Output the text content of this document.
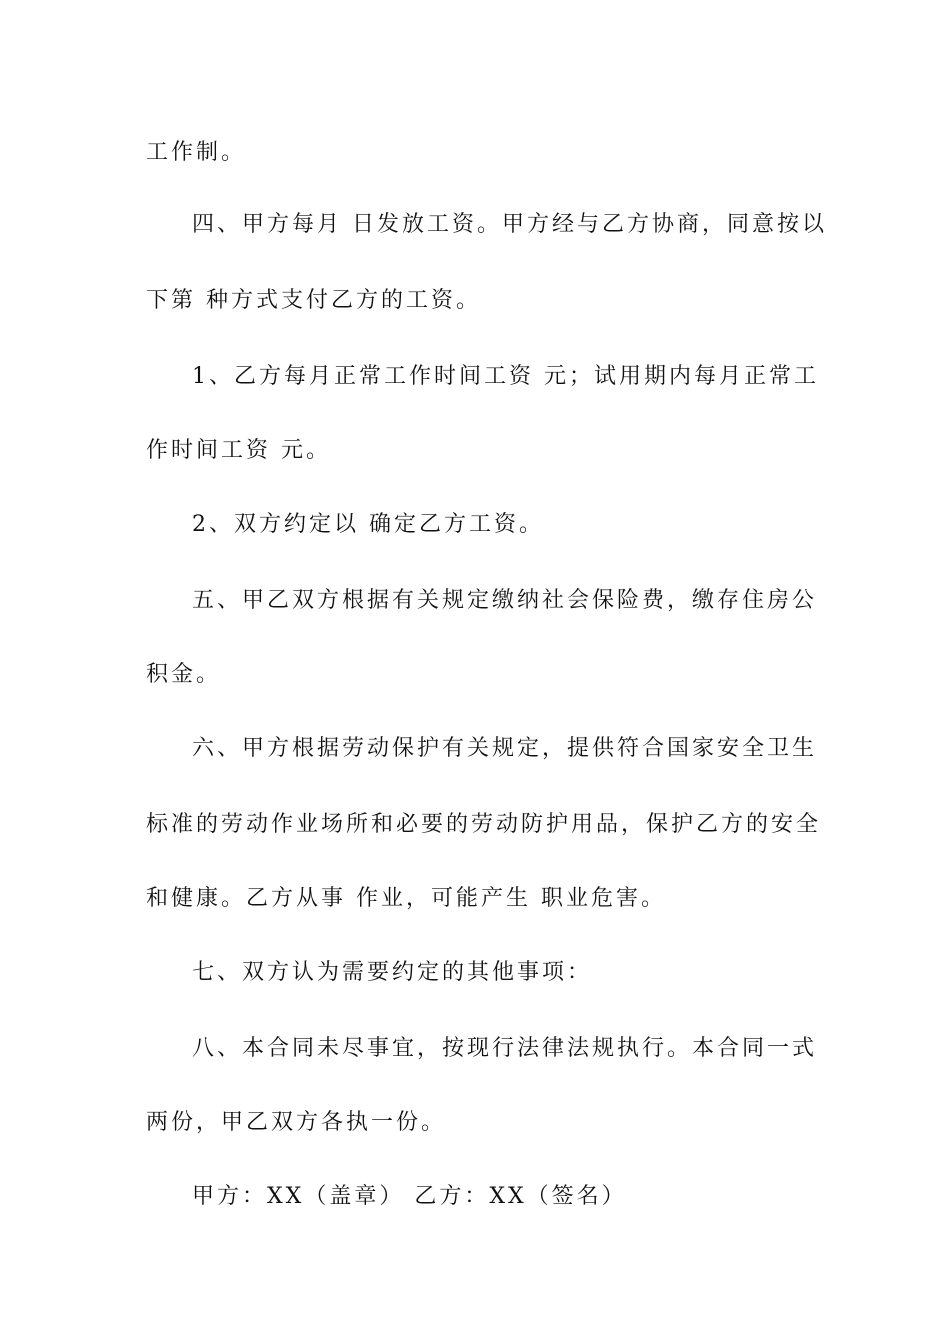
工作制。
四、甲方每月 日发放工资。甲方经与乙方协商，同意按以
下第 种方式支付乙方的工资。
1、乙方每月正常工作时间工资 元；试用期内每月正常工
作时间工资 元。
2、双方约定以 确定乙方工资。
五、甲乙双方根据有关规定缴纳社会保险费，缴存住房公
积金。
六、甲方根据劳动保护有关规定，提供符合国家安全卫生
标准的劳动作业场所和必要的劳动防护用品，保护乙方的安全
和健康。乙方从事 作业，可能产生 职业危害。
七、双方认为需要约定的其他事项：
八、本合同未尽事宜，按现行法律法规执行。本合同一式
两份，甲乙双方各执一份。
甲方：XX（盖章） 乙方：XX（签名）
